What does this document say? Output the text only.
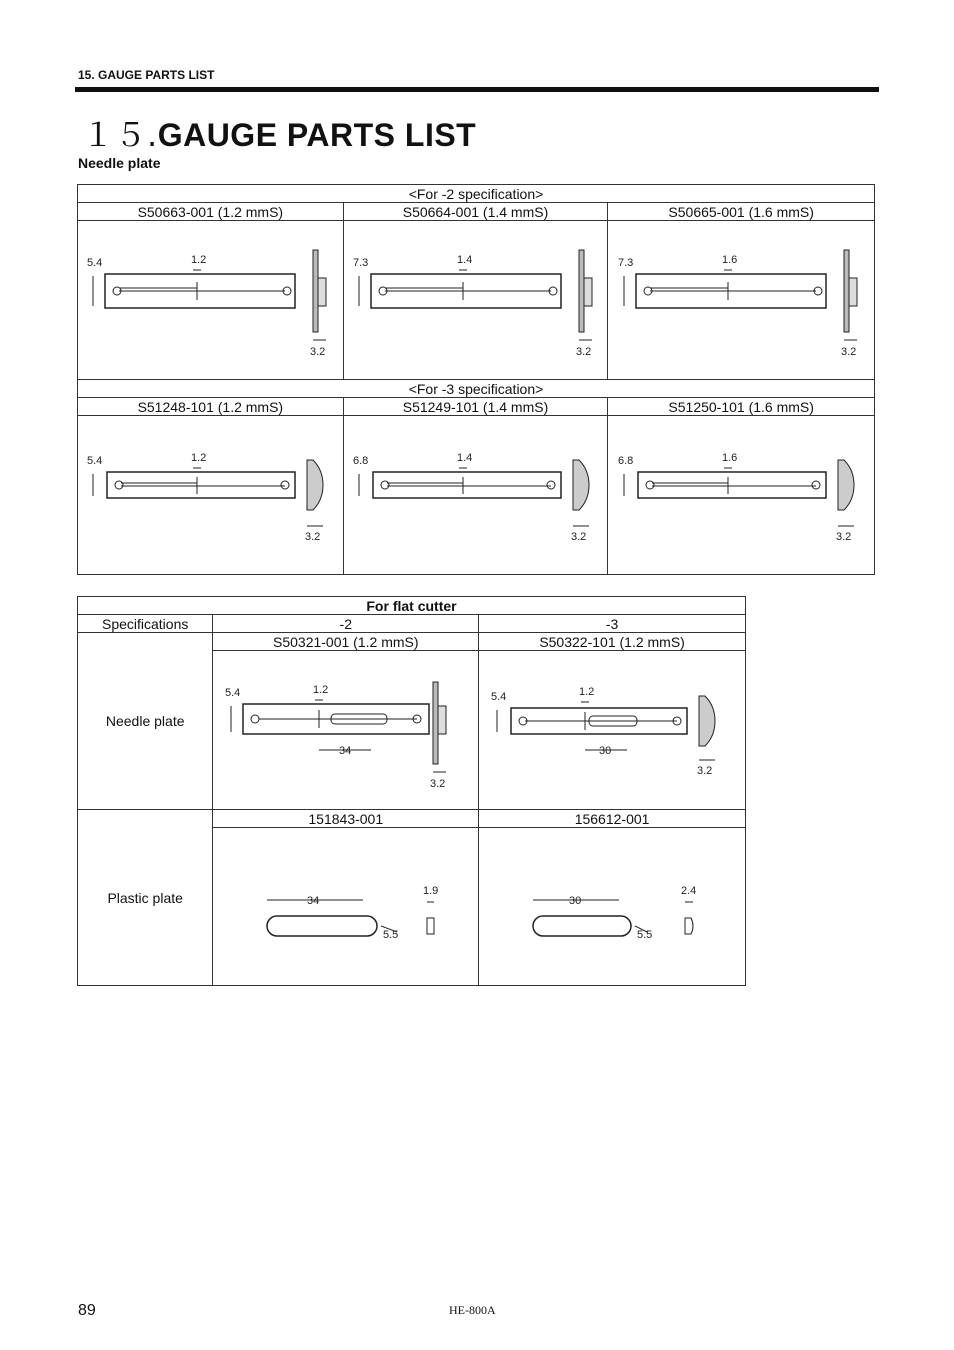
15. GAUGE PARTS LIST
１５.GAUGE PARTS LIST
Needle plate
<For -2 specification>		
S50663-001 (1.2 mmS)	S50664-001 (1.4 mmS)	S50665-001 (1.6 mmS)

5.4 1.2
3.2	7.3 1.4
3.2	7.3 1.6
3.2

<For -3 specification>		
S51248-101 (1.2 mmS)	S51249-101 (1.4 mmS)	S51250-101 (1.6 mmS)

5.4 1.2
3.2	6.8 1.4
3.2	6.8 1.6
3.2
For flat cutter		
Specifications	-2	-3
Needle plate	S50321-001 (1.2 mmS)	S50322-101 (1.2 mmS)

5.4 1.2
34
3.2	5.4 1.2
30
3.2

Plastic plate	151843-001	156612-001

34
5.5
1.9	30
5.5
2.4
89	HE-800A
